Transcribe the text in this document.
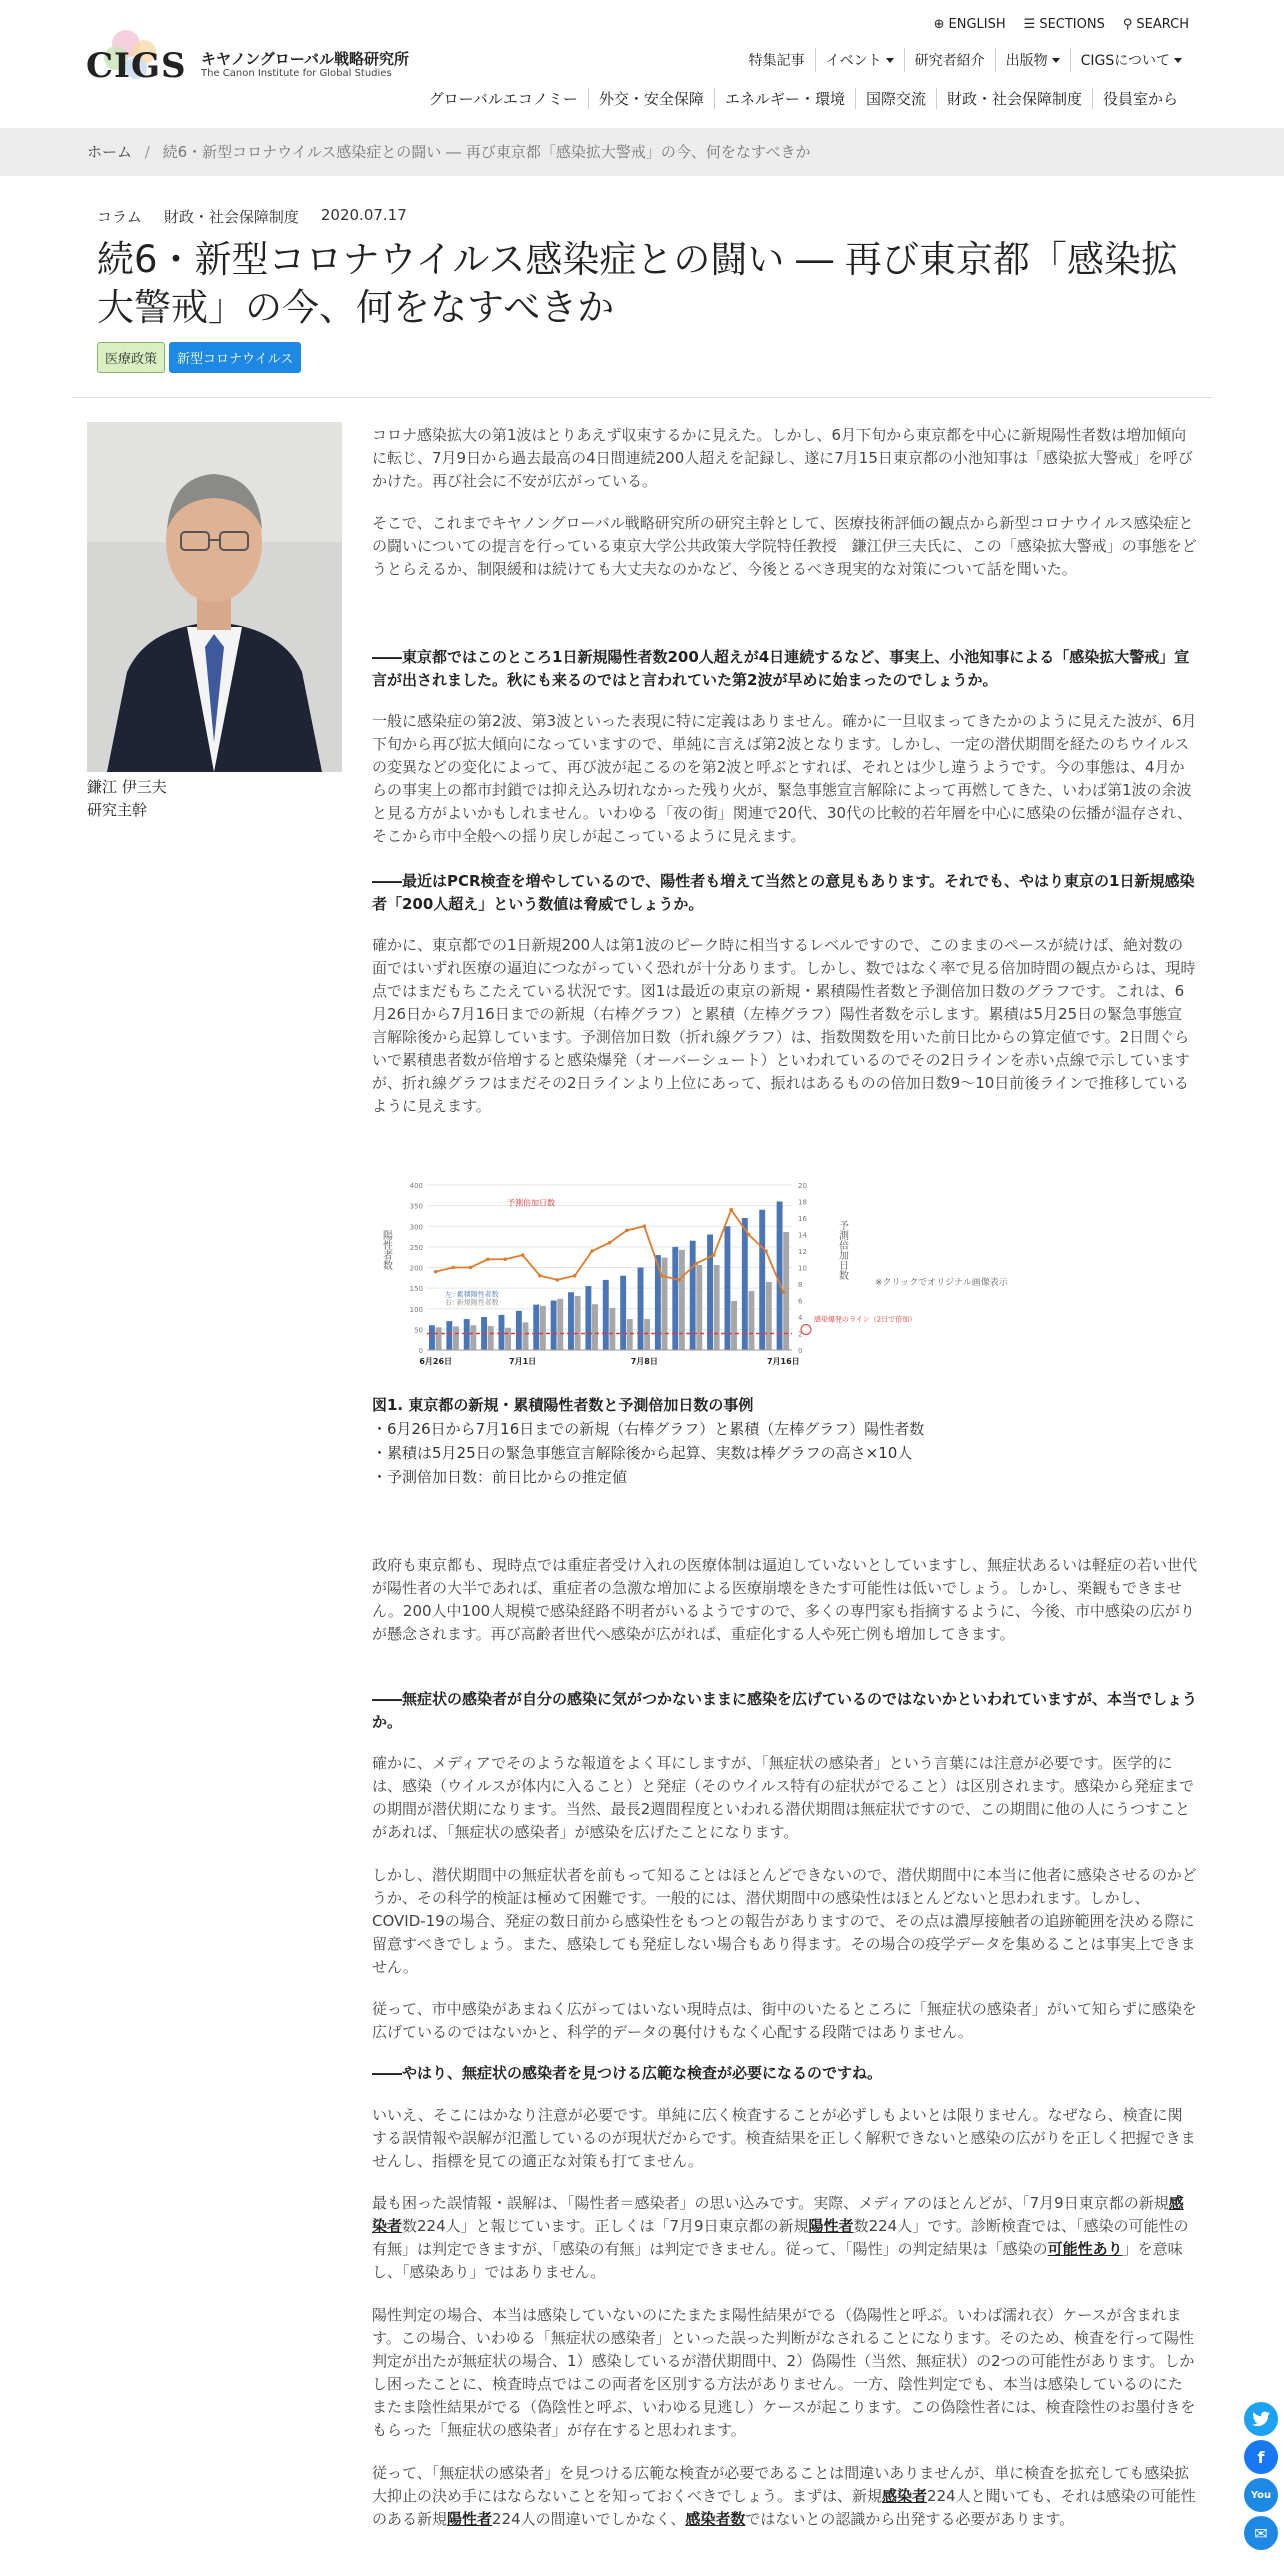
CIGS キヤノングローバル戦略研究所
The Canon Institute for Global Studies
⊕ ENGLISH ☰ SECTIONS ⚲ SEARCH
特集記事 イベント 研究者紹介 出版物 CIGSについて
グローバルエコノミー	外交・安全保障	エネルギー・環境	国際交流	財政・社会保障制度	役員室から
ホーム / 続6・新型コロナウイルス感染症との闘い ― 再び東京都「感染拡大警戒」の今、何をなすべきか
コラム 財政・社会保障制度 2020.07.17
続6・新型コロナウイルス感染症との闘い ― 再び東京都「感染拡大警戒」の今、何をなすべきか
医療政策	新型コロナウイルス
鎌江 伊三夫
研究主幹

コロナ感染拡大の第1波はとりあえず収束するかに見えた。しかし、6月下旬から東京都を中心に新規陽性者数は増加傾向に転じ、7月9日から過去最高の4日間連続200人超えを記録し、遂に7月15日東京都の小池知事は「感染拡大警戒」を呼びかけた。再び社会に不安が広がっている。

そこで、これまでキヤノングローバル戦略研究所の研究主幹として、医療技術評価の観点から新型コロナウイルス感染症との闘いについての提言を行っている東京大学公共政策大学院特任教授　鎌江伊三夫氏に、この「感染拡大警戒」の事態をどうとらえるか、制限緩和は続けても大丈夫なのかなど、今後とるべき現実的な対策について話を聞いた。

――東京都ではこのところ1日新規陽性者数200人超えが4日連続するなど、事実上、小池知事による「感染拡大警戒」宣言が出されました。秋にも来るのではと言われていた第2波が早めに始まったのでしょうか。

一般に感染症の第2波、第3波といった表現に特に定義はありません。確かに一旦収まってきたかのように見えた波が、6月下旬から再び拡大傾向になっていますので、単純に言えば第2波となります。しかし、一定の潜伏期間を経たのちウイルスの変異などの変化によって、再び波が起こるのを第2波と呼ぶとすれば、それとは少し違うようです。今の事態は、4月からの事実上の都市封鎖では抑え込み切れなかった残り火が、緊急事態宣言解除によって再燃してきた、いわば第1波の余波と見る方がよいかもしれません。いわゆる「夜の街」関連で20代、30代の比較的若年層を中心に感染の伝播が温存され、そこから市中全般への揺り戻しが起こっているように見えます。

――最近はPCR検査を増やしているので、陽性者も増えて当然との意見もあります。それでも、やはり東京の1日新規感染者「200人超え」という数値は脅威でしょうか。

確かに、東京都での1日新規200人は第1波のピーク時に相当するレベルですので、このままのペースが続けば、絶対数の面ではいずれ医療の逼迫につながっていく恐れが十分あります。しかし、数ではなく率で見る倍加時間の観点からは、現時点ではまだもちこたえている状況です。図1は最近の東京の新規・累積陽性者数と予測倍加日数のグラフです。これは、6月26日から7月16日までの新規（右棒グラフ）と累積（左棒グラフ）陽性者数を示します。累積は5月25日の緊急事態宣言解除後から起算しています。予測倍加日数（折れ線グラフ）は、指数関数を用いた前日比からの算定値です。2日間ぐらいで累積患者数が倍増すると感染爆発（オーバーシュート）といわれているのでその2日ラインを赤い点線で示していますが、折れ線グラフはまだその2日ラインより上位にあって、振れはあるものの倍加日数9～10日前後ラインで推移しているように見えます。

0
50
100
150
200
250
300
350
400
0
2
4
6
8
10
12
14
16
18
20
感染爆発のライン（2日で倍加）
6月26日	7月1日	7月8日	7月16日
陽性者数	予測倍加日数
予測倍加日数
左: 累積陽性者数
右: 新規陽性者数
※クリックでオリジナル画像表示
図1. 東京都の新規・累積陽性者数と予測倍加日数の事例
・6月26日から7月16日までの新規（右棒グラフ）と累積（左棒グラフ）陽性者数
・累積は5月25日の緊急事態宣言解除後から起算、実数は棒グラフの高さ×10人
・予測倍加日数：前日比からの推定値

政府も東京都も、現時点では重症者受け入れの医療体制は逼迫していないとしていますし、無症状あるいは軽症の若い世代が陽性者の大半であれば、重症者の急激な増加による医療崩壊をきたす可能性は低いでしょう。しかし、楽観もできません。200人中100人規模で感染経路不明者がいるようですので、多くの専門家も指摘するように、今後、市中感染の広がりが懸念されます。再び高齢者世代へ感染が広がれば、重症化する人や死亡例も増加してきます。

――無症状の感染者が自分の感染に気がつかないままに感染を広げているのではないかといわれていますが、本当でしょうか。

確かに、メディアでそのような報道をよく耳にしますが、「無症状の感染者」という言葉には注意が必要です。医学的には、感染（ウイルスが体内に入ること）と発症（そのウイルス特有の症状がでること）は区別されます。感染から発症までの期間が潜伏期になります。当然、最長2週間程度といわれる潜伏期間は無症状ですので、この期間に他の人にうつすことがあれば、「無症状の感染者」が感染を広げたことになります。

しかし、潜伏期間中の無症状者を前もって知ることはほとんどできないので、潜伏期間中に本当に他者に感染させるのかどうか、その科学的検証は極めて困難です。一般的には、潜伏期間中の感染性はほとんどないと思われます。しかし、COVID-19の場合、発症の数日前から感染性をもつとの報告がありますので、その点は濃厚接触者の追跡範囲を決める際に留意すべきでしょう。また、感染しても発症しない場合もあり得ます。その場合の疫学データを集めることは事実上できません。

従って、市中感染があまねく広がってはいない現時点は、街中のいたるところに「無症状の感染者」がいて知らずに感染を広げているのではないかと、科学的データの裏付けもなく心配する段階ではありません。

――やはり、無症状の感染者を見つける広範な検査が必要になるのですね。

いいえ、そこにはかなり注意が必要です。単純に広く検査することが必ずしもよいとは限りません。なぜなら、検査に関する誤情報や誤解が氾濫しているのが現状だからです。検査結果を正しく解釈できないと感染の広がりを正しく把握できませんし、指標を見ての適正な対策も打てません。

最も困った誤情報・誤解は、「陽性者＝感染者」の思い込みです。実際、メディアのほとんどが、「7月9日東京都の新規感染者数224人」と報じています。正しくは「7月9日東京都の新規陽性者数224人」です。診断検査では、「感染の可能性の有無」は判定できますが、「感染の有無」は判定できません。従って、「陽性」の判定結果は「感染の可能性あり」を意味し、「感染あり」ではありません。

陽性判定の場合、本当は感染していないのにたまたま陽性結果がでる（偽陽性と呼ぶ。いわば濡れ衣）ケースが含まれます。この場合、いわゆる「無症状の感染者」といった誤った判断がなされることになります。そのため、検査を行って陽性判定が出たが無症状の場合、1）感染しているが潜伏期間中、2）偽陽性（当然、無症状）の2つの可能性があります。しかし困ったことに、検査時点ではこの両者を区別する方法がありません。一方、陰性判定でも、本当は感染しているのにたまたま陰性結果がでる（偽陰性と呼ぶ、いわゆる見逃し）ケースが起こります。この偽陰性者には、検査陰性のお墨付きをもらった「無症状の感染者」が存在すると思われます。

従って、「無症状の感染者」を見つける広範な検査が必要であることは間違いありませんが、単に検査を拡充しても感染拡大抑止の決め手にはならないことを知っておくべきでしょう。まずは、新規感染者224人と聞いても、それは感染の可能性のある新規陽性者224人の間違いでしかなく、感染者数ではないとの認識から出発する必要があります。

f
You
✉
